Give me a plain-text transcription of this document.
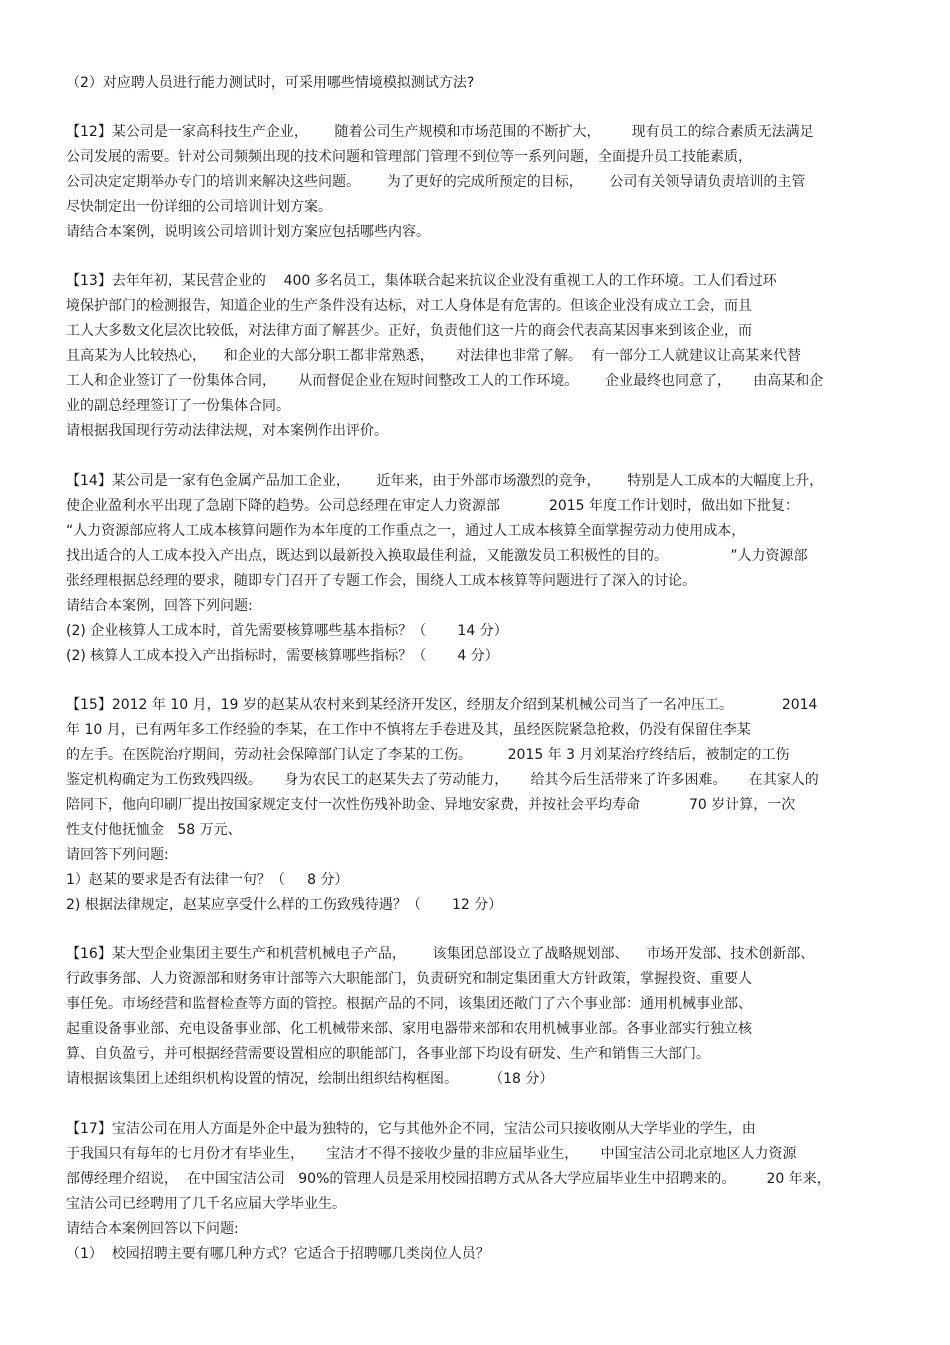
（2）对应聘人员进行能力测试时，可采用哪些情境模拟测试方法?
【12】某公司是一家高科技生产企业，      随着公司生产规模和市场范围的不断扩大，       现有员工的综合素质无法满足
公司发展的需要。针对公司频频出现的技术问题和管理部门管理不到位等一系列问题，全面提升员工技能素质，
公司决定定期举办专门的培训来解决这些问题。      为了更好的完成所预定的目标，      公司有关领导请负责培训的主管
尽快制定出一份详细的公司培训计划方案。
请结合本案例，说明该公司培训计划方案应包括哪些内容。
【13】去年年初，某民营企业的    400 多名员工，集体联合起来抗议企业没有重视工人的工作环境。工人们看过环
境保护部门的检测报告，知道企业的生产条件没有达标，对工人身体是有危害的。但该企业没有成立工会，而且
工人大多数文化层次比较低，对法律方面了解甚少。正好，负责他们这一片的商会代表高某因事来到该企业，而
且高某为人比较热心，    和企业的大部分职工都非常熟悉，     对法律也非常了解。  有一部分工人就建议让高某来代替
工人和企业签订了一份集体合同，     从而督促企业在短时间整改工人的工作环境。      企业最终也同意了，     由高某和企
业的副总经理签订了一份集体合同。
请根据我国现行劳动法律法规，对本案例作出评价。
【14】某公司是一家有色金属产品加工企业，      近年来，由于外部市场激烈的竞争，      特别是人工成本的大幅度上升，
使企业盈利水平出现了急剧下降的趋势。公司总经理在审定人力资源部           2015 年度工作计划时，做出如下批复：
“人力资源部应将人工成本核算问题作为本年度的工作重点之一，通过人工成本核算全面掌握劳动力使用成本，
找出适合的人工成本投入产出点，既达到以最新投入换取最佳利益，又能激发员工积极性的目的。              ”人力资源部
张经理根据总经理的要求，随即专门召开了专题工作会，围绕人工成本核算等问题进行了深入的讨论。
请结合本案例，回答下列问题:
(2) 企业核算人工成本时，首先需要核算哪些基本指标？（       14 分）
(2) 核算人工成本投入产出指标时，需要核算哪些指标？（       4 分）
【15】2012 年 10 月，19 岁的赵某从农村来到某经济开发区，经朋友介绍到某机械公司当了一名冲压工。           2014
年 10 月，已有两年多工作经验的李某，在工作中不慎将左手卷进及其，虽经医院紧急抢救，仍没有保留住李某
的左手。在医院治疗期间，劳动社会保障部门认定了李某的工伤。        2015 年 3 月刘某治疗终结后，被制定的工伤
鉴定机构确定为工伤致残四级。     身为农民工的赵某失去了劳动能力，     给其今后生活带来了许多困难。     在其家人的
陪同下，他向印刷厂提出按国家规定支付一次性伤残补助金、异地安家费，并按社会平均寿命           70 岁计算，一次
性支付他抚恤金   58 万元、
请回答下列问题:
1）赵某的要求是否有法律一句？（     8 分）
2) 根据法律规定，赵某应享受什么样的工伤致残待遇？（       12 分）
【16】某大型企业集团主要生产和机营机械电子产品，      该集团总部设立了战略规划部、    市场开发部、技术创新部、
行政事务部、人力资源部和财务审计部等六大职能部门，负责研究和制定集团重大方针政策，掌握投资、重要人
事任免。市场经营和监督检查等方面的管控。根据产品的不同，该集团还敞门了六个事业部：通用机械事业部、
起重设备事业部、充电设备事业部、化工机械带来部、家用电器带来部和农用机械事业部。各事业部实行独立核
算、自负盈亏，并可根据经营需要设置相应的职能部门，各事业部下均设有研发、生产和销售三大部门。
请根据该集团上述组织机构设置的情况，绘制出组织结构框图。       （18 分）
【17】宝洁公司在用人方面是外企中最为独特的，它与其他外企不同，宝洁公司只接收刚从大学毕业的学生，由
于我国只有每年的七月份才有毕业生，     宝洁才不得不接收少量的非应届毕业生，     中国宝洁公司北京地区人力资源
部傅经理介绍说，  在中国宝洁公司   90%的管理人员是采用校园招聘方式从各大学应届毕业生中招聘来的。       20 年来，
宝洁公司已经聘用了几千名应届大学毕业生。
请结合本案例回答以下问题:
（1）  校园招聘主要有哪几种方式？它适合于招聘哪几类岗位人员？
